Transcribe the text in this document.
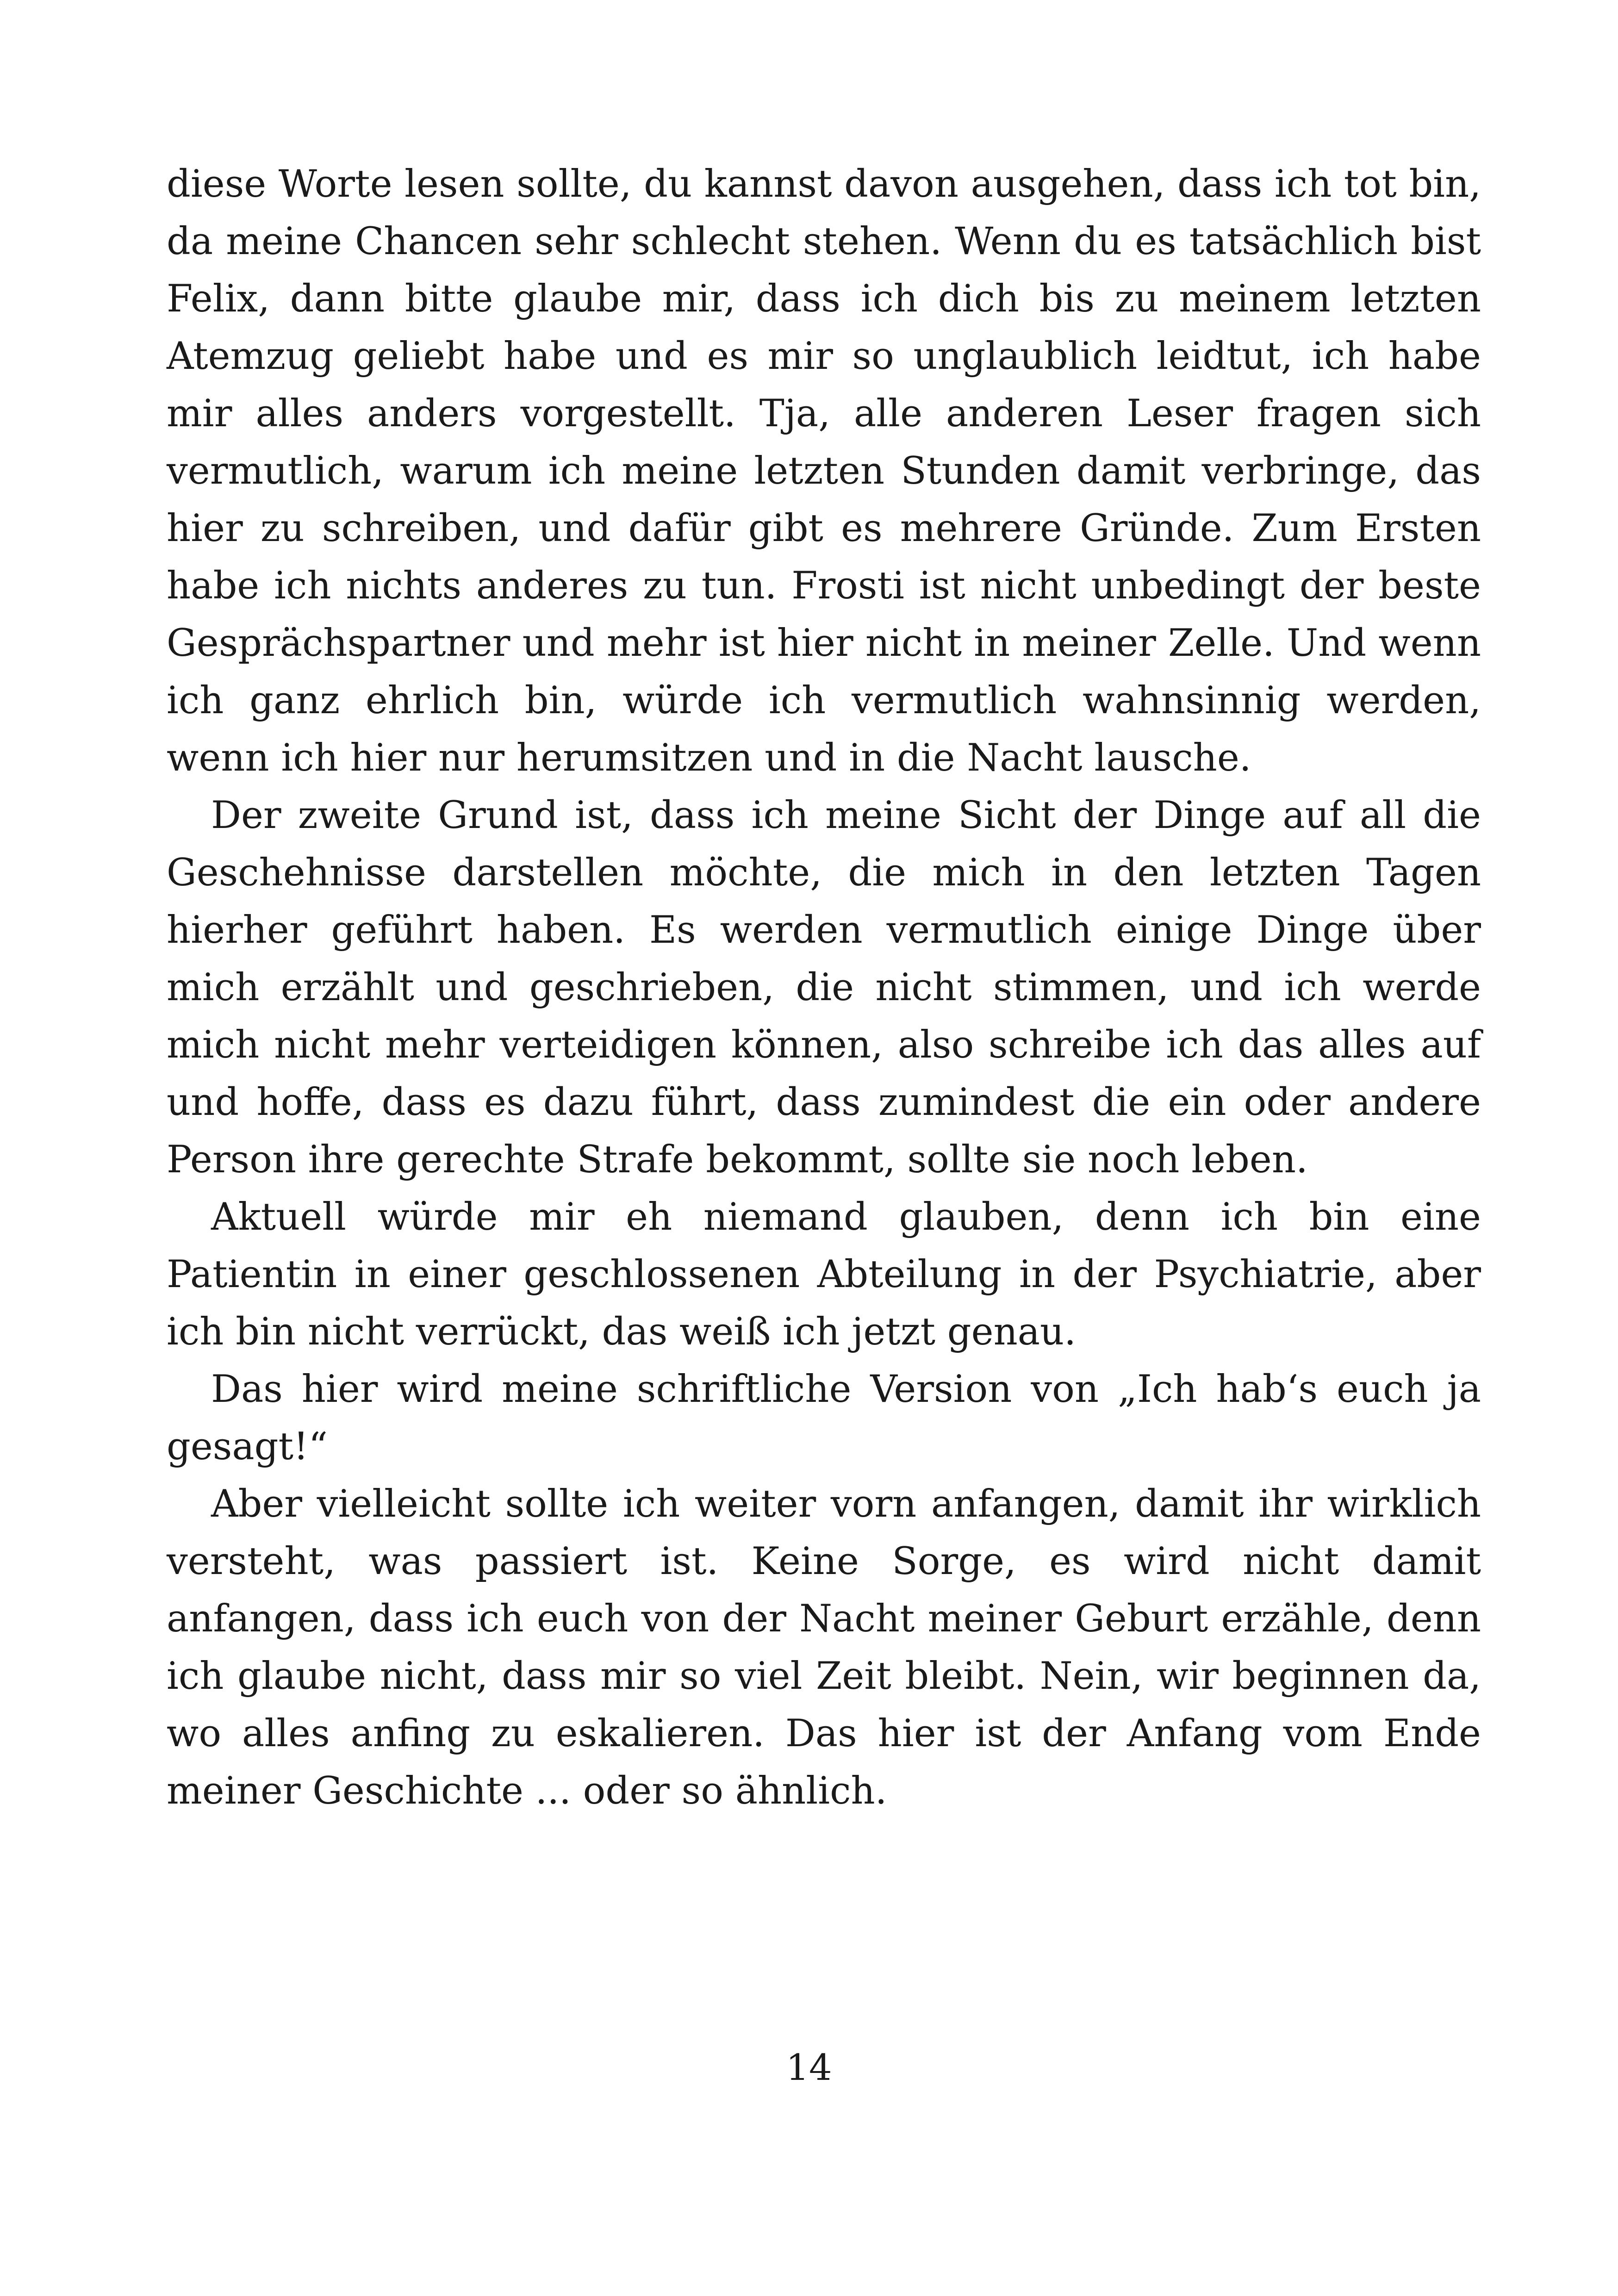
diese Worte lesen sollte, du kannst davon ausgehen, dass ich tot bin, da meine Chancen sehr schlecht stehen. Wenn du es tatsächlich bist Felix, dann bitte glaube mir, dass ich dich bis zu meinem letzten Atemzug geliebt habe und es mir so unglaublich leidtut, ich habe mir alles anders vorgestellt. Tja, alle anderen Leser fragen sich vermutlich, warum ich meine letzten Stunden damit verbringe, das hier zu schreiben, und dafür gibt es mehrere Gründe. Zum Ersten habe ich nichts anderes zu tun. Frosti ist nicht unbedingt der beste Gesprächspartner und mehr ist hier nicht in meiner Zelle. Und wenn ich ganz ehrlich bin, würde ich vermutlich wahnsinnig werden, wenn ich hier nur herumsitzen und in die Nacht lausche.

Der zweite Grund ist, dass ich meine Sicht der Dinge auf all die Geschehnisse darstellen möchte, die mich in den letzten Tagen hierher geführt haben. Es werden vermutlich einige Dinge über mich erzählt und geschrieben, die nicht stimmen, und ich werde mich nicht mehr verteidigen können, also schreibe ich das alles auf und hoffe, dass es dazu führt, dass zumindest die ein oder andere Person ihre gerechte Strafe bekommt, sollte sie noch leben.

Aktuell würde mir eh niemand glauben, denn ich bin eine Patientin in einer geschlossenen Abteilung in der Psychiatrie, aber ich bin nicht verrückt, das weiß ich jetzt genau.

Das hier wird meine schriftliche Version von „Ich hab‘s euch ja gesagt!“

Aber vielleicht sollte ich weiter vorn anfangen, damit ihr wirklich versteht, was passiert ist. Keine Sorge, es wird nicht damit anfangen, dass ich euch von der Nacht meiner Geburt erzähle, denn ich glaube nicht, dass mir so viel Zeit bleibt. Nein, wir beginnen da, wo alles anfing zu eskalieren. Das hier ist der Anfang vom Ende meiner Geschichte ... oder so ähnlich.

14
